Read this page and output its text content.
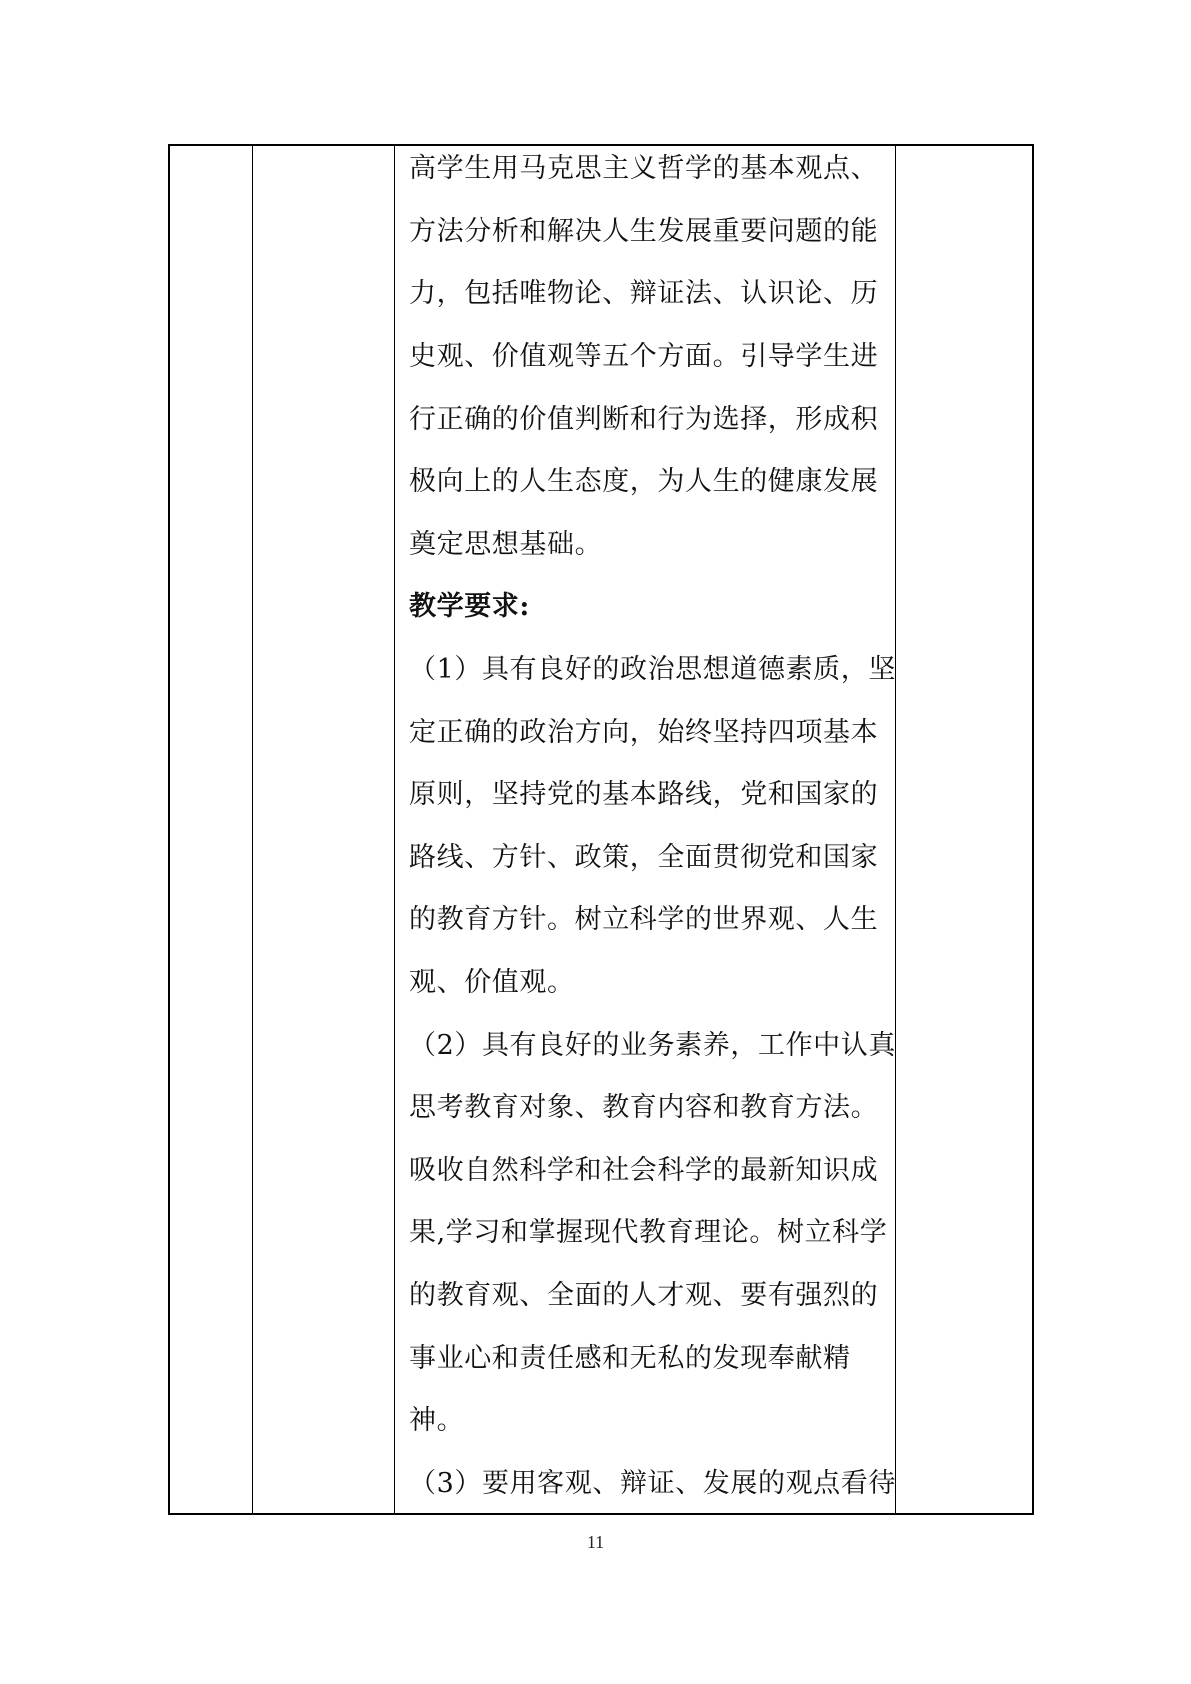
高学生用马克思主义哲学的基本观点、
方法分析和解决人生发展重要问题的能
力，包括唯物论、辩证法、认识论、历
史观、价值观等五个方面。引导学生进
行正确的价值判断和行为选择，形成积
极向上的人生态度，为人生的健康发展
奠定思想基础。
教学要求:
（1）具有良好的政治思想道德素质，坚
定正确的政治方向，始终坚持四项基本
原则，坚持党的基本路线，党和国家的
路线、方针、政策，全面贯彻党和国家
的教育方针。树立科学的世界观、人生
观、价值观。
（2）具有良好的业务素养，工作中认真
思考教育对象、教育内容和教育方法。
吸收自然科学和社会科学的最新知识成
果,学习和掌握现代教育理论。树立科学
的教育观、全面的人才观、要有强烈的
事业心和责任感和无私的发现奉献精
神。
（3）要用客观、辩证、发展的观点看待
11
